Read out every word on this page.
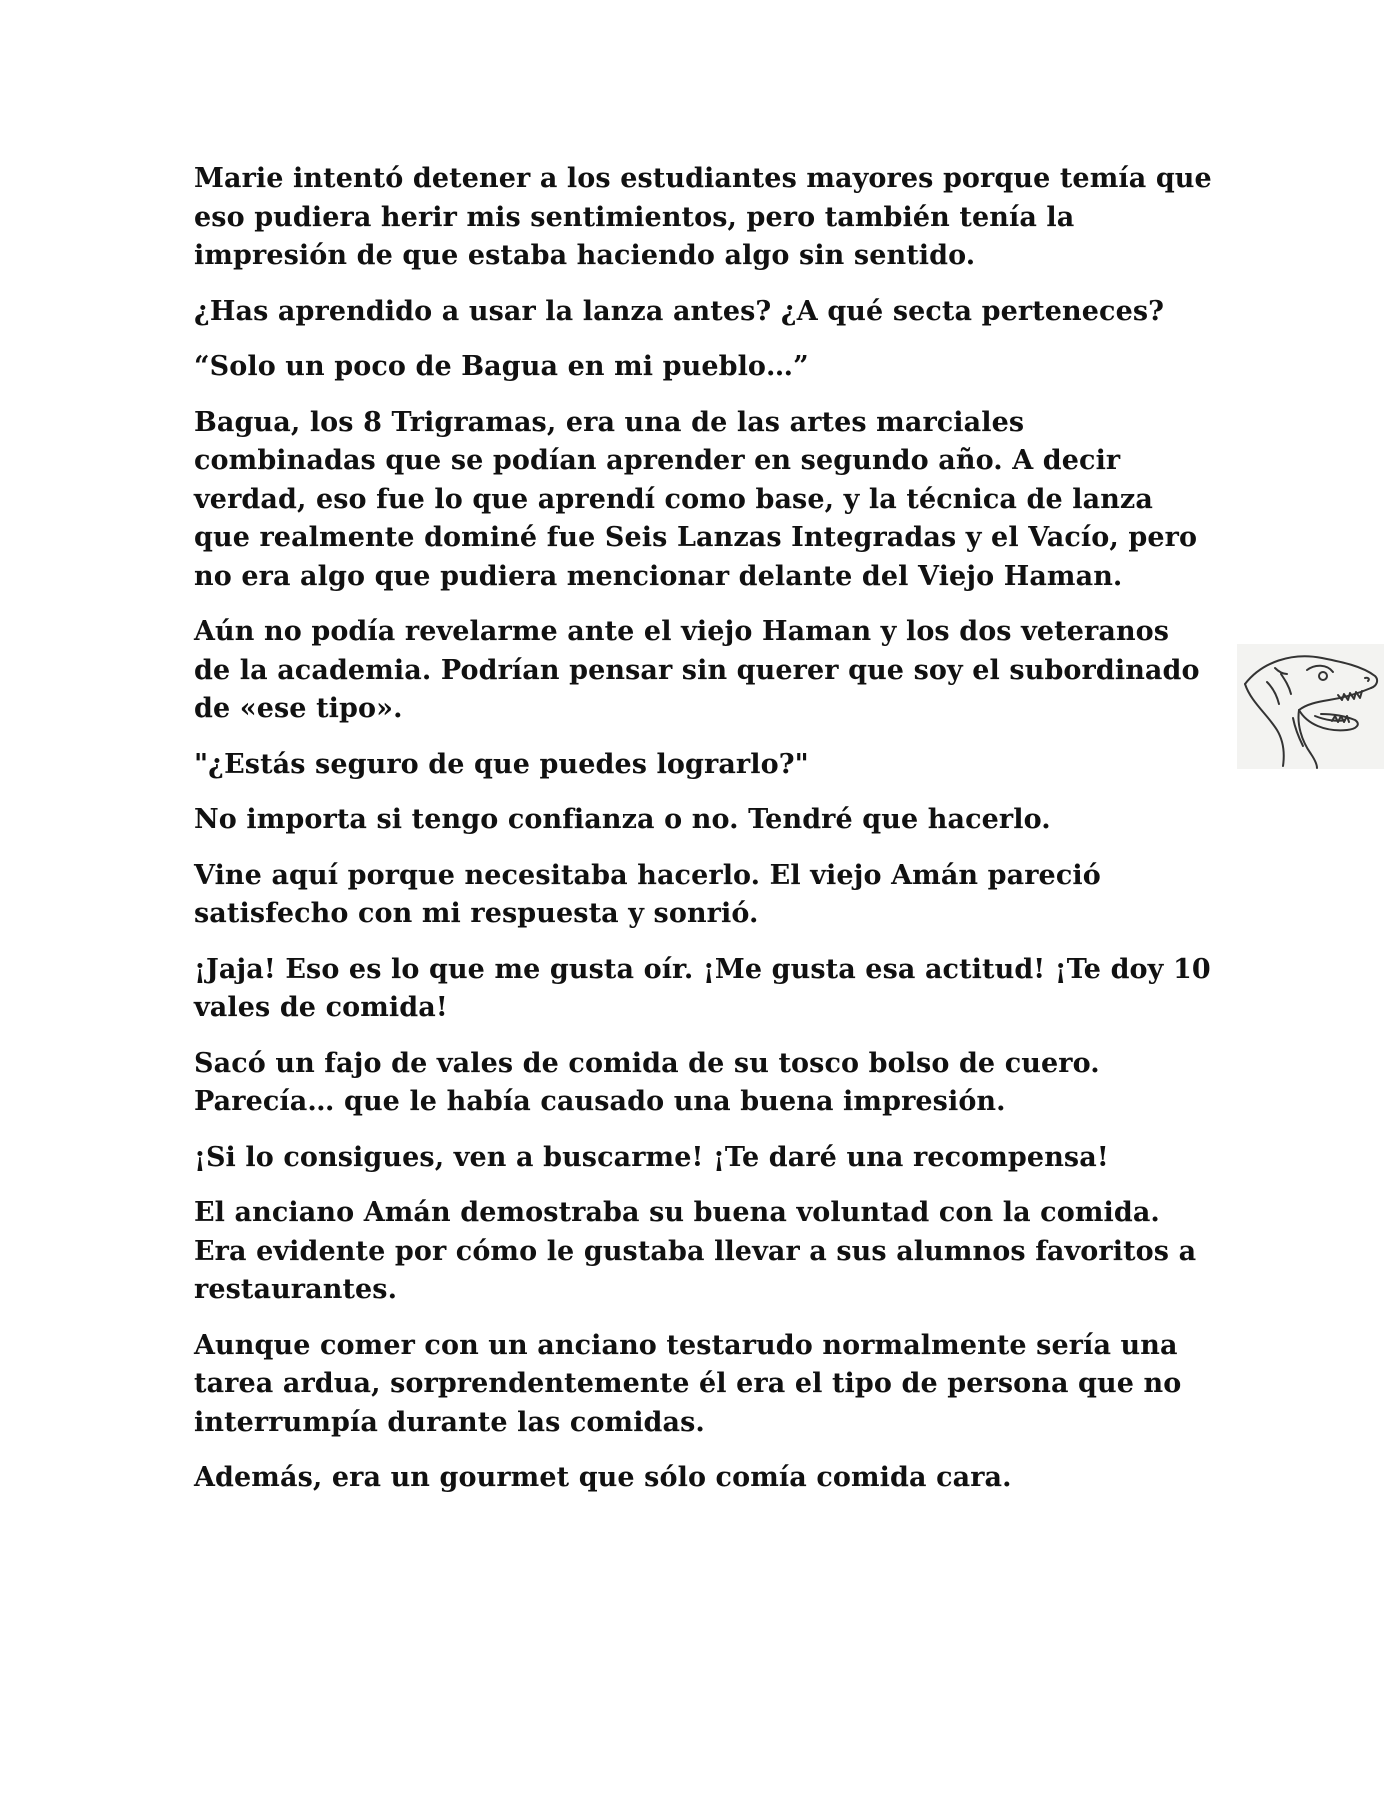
Marie intentó detener a los estudiantes mayores porque temía que eso pudiera herir mis sentimientos, pero también tenía la impresión de que estaba haciendo algo sin sentido.

¿Has aprendido a usar la lanza antes? ¿A qué secta perteneces?

“Solo un poco de Bagua en mi pueblo…”

Bagua, los 8 Trigramas, era una de las artes marciales combinadas que se podían aprender en segundo año. A decir verdad, eso fue lo que aprendí como base, y la técnica de lanza que realmente dominé fue Seis Lanzas Integradas y el Vacío, pero no era algo que pudiera mencionar delante del Viejo Haman.

Aún no podía revelarme ante el viejo Haman y los dos veteranos de la academia. Podrían pensar sin querer que soy el subordinado de «ese tipo».

"¿Estás seguro de que puedes lograrlo?"

No importa si tengo confianza o no. Tendré que hacerlo.

Vine aquí porque necesitaba hacerlo. El viejo Amán pareció satisfecho con mi respuesta y sonrió.

¡Jaja! Eso es lo que me gusta oír. ¡Me gusta esa actitud! ¡Te doy 10 vales de comida!

Sacó un fajo de vales de comida de su tosco bolso de cuero. Parecía… que le había causado una buena impresión.

¡Si lo consigues, ven a buscarme! ¡Te daré una recompensa!

El anciano Amán demostraba su buena voluntad con la comida. Era evidente por cómo le gustaba llevar a sus alumnos favoritos a restaurantes.

Aunque comer con un anciano testarudo normalmente sería una tarea ardua, sorprendentemente él era el tipo de persona que no interrumpía durante las comidas.

Además, era un gourmet que sólo comía comida cara.
